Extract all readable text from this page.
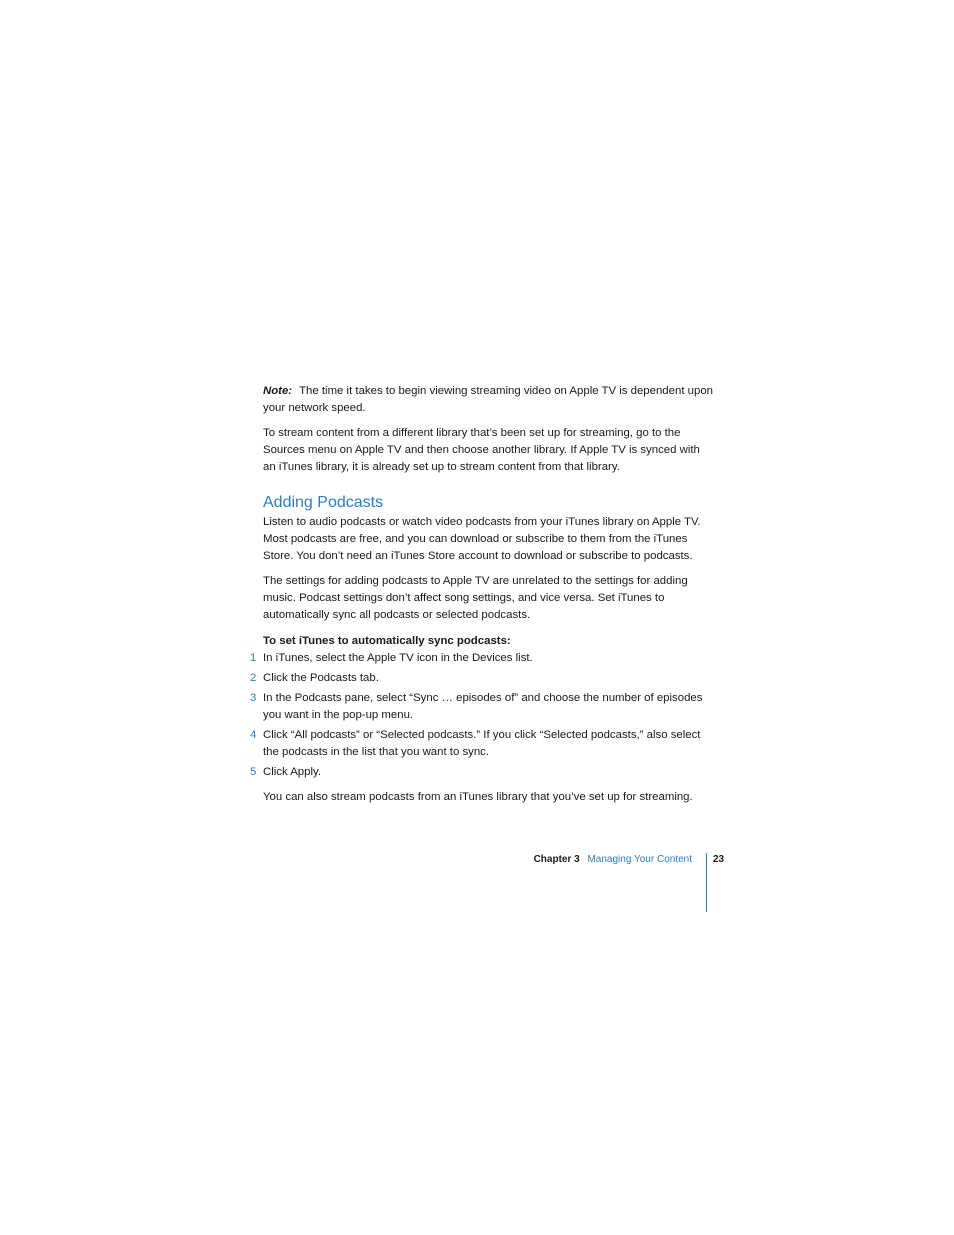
Note: The time it takes to begin viewing streaming video on Apple TV is dependent upon your network speed.

To stream content from a different library that’s been set up for streaming, go to the Sources menu on Apple TV and then choose another library. If Apple TV is synced with an iTunes library, it is already set up to stream content from that library.

Adding Podcasts

Listen to audio podcasts or watch video podcasts from your iTunes library on Apple TV. Most podcasts are free, and you can download or subscribe to them from the iTunes Store. You don’t need an iTunes Store account to download or subscribe to podcasts.

The settings for adding podcasts to Apple TV are unrelated to the settings for adding music. Podcast settings don’t affect song settings, and vice versa. Set iTunes to automatically sync all podcasts or selected podcasts.

To set iTunes to automatically sync podcasts:

1 In iTunes, select the Apple TV icon in the Devices list.
2 Click the Podcasts tab.
3 In the Podcasts pane, select “Sync … episodes of” and choose the number of episodes you want in the pop-up menu.
4 Click “All podcasts” or “Selected podcasts.” If you click “Selected podcasts,” also select the podcasts in the list that you want to sync.
5 Click Apply.

You can also stream podcasts from an iTunes library that you’ve set up for streaming.

Chapter 3 Managing Your Content 23
